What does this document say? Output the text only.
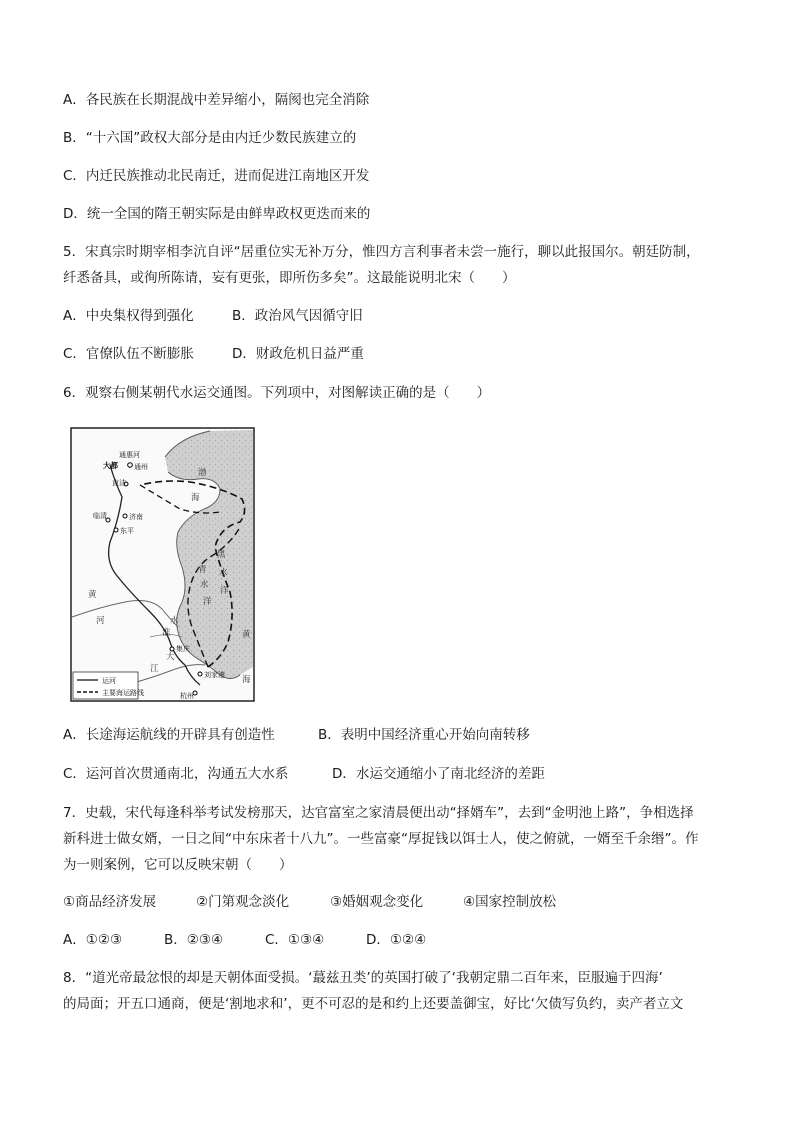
A．各民族在长期混战中差异缩小，隔阂也完全消除
B．“十六国”政权大部分是由内迁少数民族建立的
C．内迁民族推动北民南迁，进而促进江南地区开发
D．统一全国的隋王朝实际是由鲜卑政权更迭而来的
5．宋真宗时期宰相李沆自评“居重位实无补万分，惟四方言利事者未尝一施行，聊以此报国尔。朝廷防制，
纤悉备具，或徇所陈请，妄有更张，即所伤多矣”。这最能说明北宋（　　）
A．中央集权得到强化	B．政治风气因循守旧
C．官僚队伍不断膨胀	D．财政危机日益严重
6．观察右侧某朝代水运交通图。下列项中，对图解读正确的是（　　）
通惠河
大都 通州
直沽
临清	济南
东平
黄
河
渤
海
青
水
洋
黑
水
洋
黄
海
淮
水
大
江
集庆
刘家港
杭州
运河
主要海运路线
A．长途海运航线的开辟具有创造性	B．表明中国经济重心开始向南转移
C．运河首次贯通南北，沟通五大水系	D．水运交通缩小了南北经济的差距
7．史载，宋代每逢科举考试发榜那天，达官富室之家清晨便出动“择婿车”，去到“金明池上路”，争相选择
新科进士做女婿，一日之间“中东床者十八九”。一些富豪“厚捉钱以饵士人，使之俯就，一婿至千余缗”。作
为一则案例，它可以反映宋朝（　　）
①商品经济发展	②门第观念淡化	③婚姻观念变化	④国家控制放松
A．①②③	B．②③④	C．①③④	D．①②④
8．“道光帝最忿恨的却是天朝体面受损。‘蕞兹丑类’的英国打破了‘我朝定鼎二百年来，臣服遍于四海’
的局面；开五口通商，便是‘割地求和’，更不可忍的是和约上还要盖御宝，好比‘欠债写负约，卖产者立文
